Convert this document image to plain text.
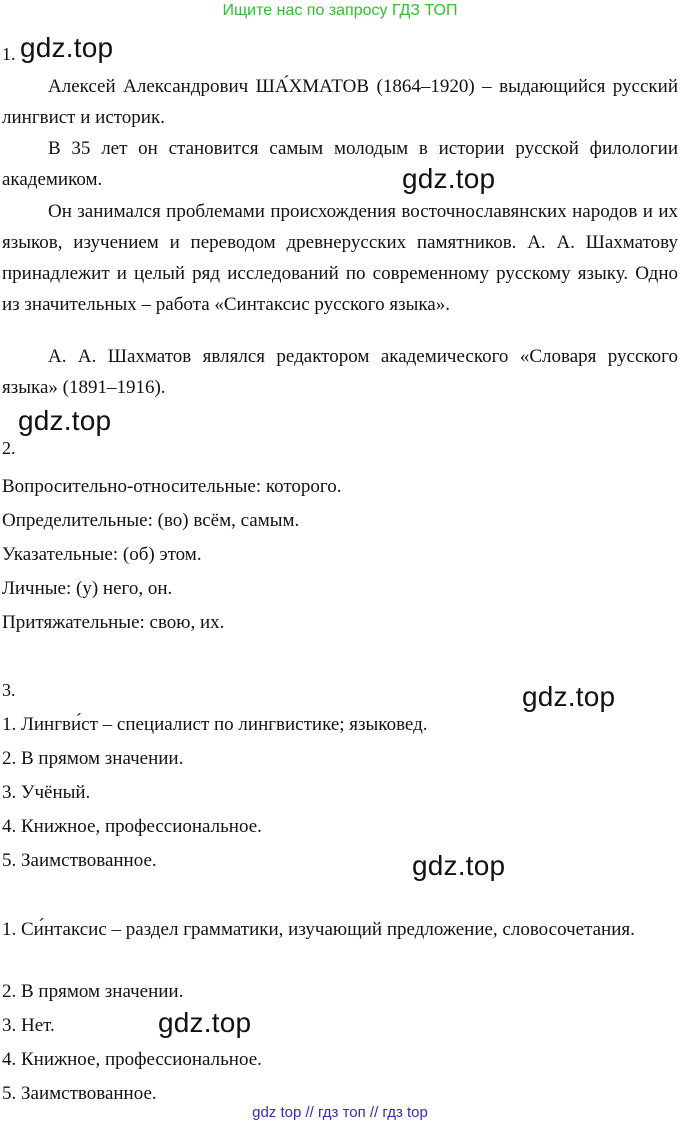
Ищите нас по запросу ГДЗ ТОП
gdz.top
gdz.top
gdz.top
gdz.top
gdz.top
gdz.top
1.
Алексей Александрович ША́ХМАТОВ (1864–1920) – выдающийся русский лингвист и историк.
В 35 лет он становится самым молодым в истории русской филологии академиком.
Он занимался проблемами происхождения восточнославянских народов и их языков, изучением и переводом древнерусских памятников. А. А. Шахматову принадлежит и целый ряд исследований по современному русскому языку. Одно из значительных – работа «Синтаксис русского языка».
А. А. Шахматов являлся редактором академического «Словаря русского языка» (1891–1916).
2.
Вопросительно-относительные: которого.
Определительные: (во) всём, самым.
Указательные: (об) этом.
Личные: (у) него, он.
Притяжательные: свою, их.
3.
1. Лингви́ст – специалист по лингвистике; языковед.
2. В прямом значении.
3. Учёный.
4. Книжное, профессиональное.
5. Заимствованное.
1. Си́нтаксис – раздел грамматики, изучающий предложение, словосочетания.
2. В прямом значении.
3. Нет.
4. Книжное, профессиональное.
5. Заимствованное.
gdz top // гдз топ // гдз top
